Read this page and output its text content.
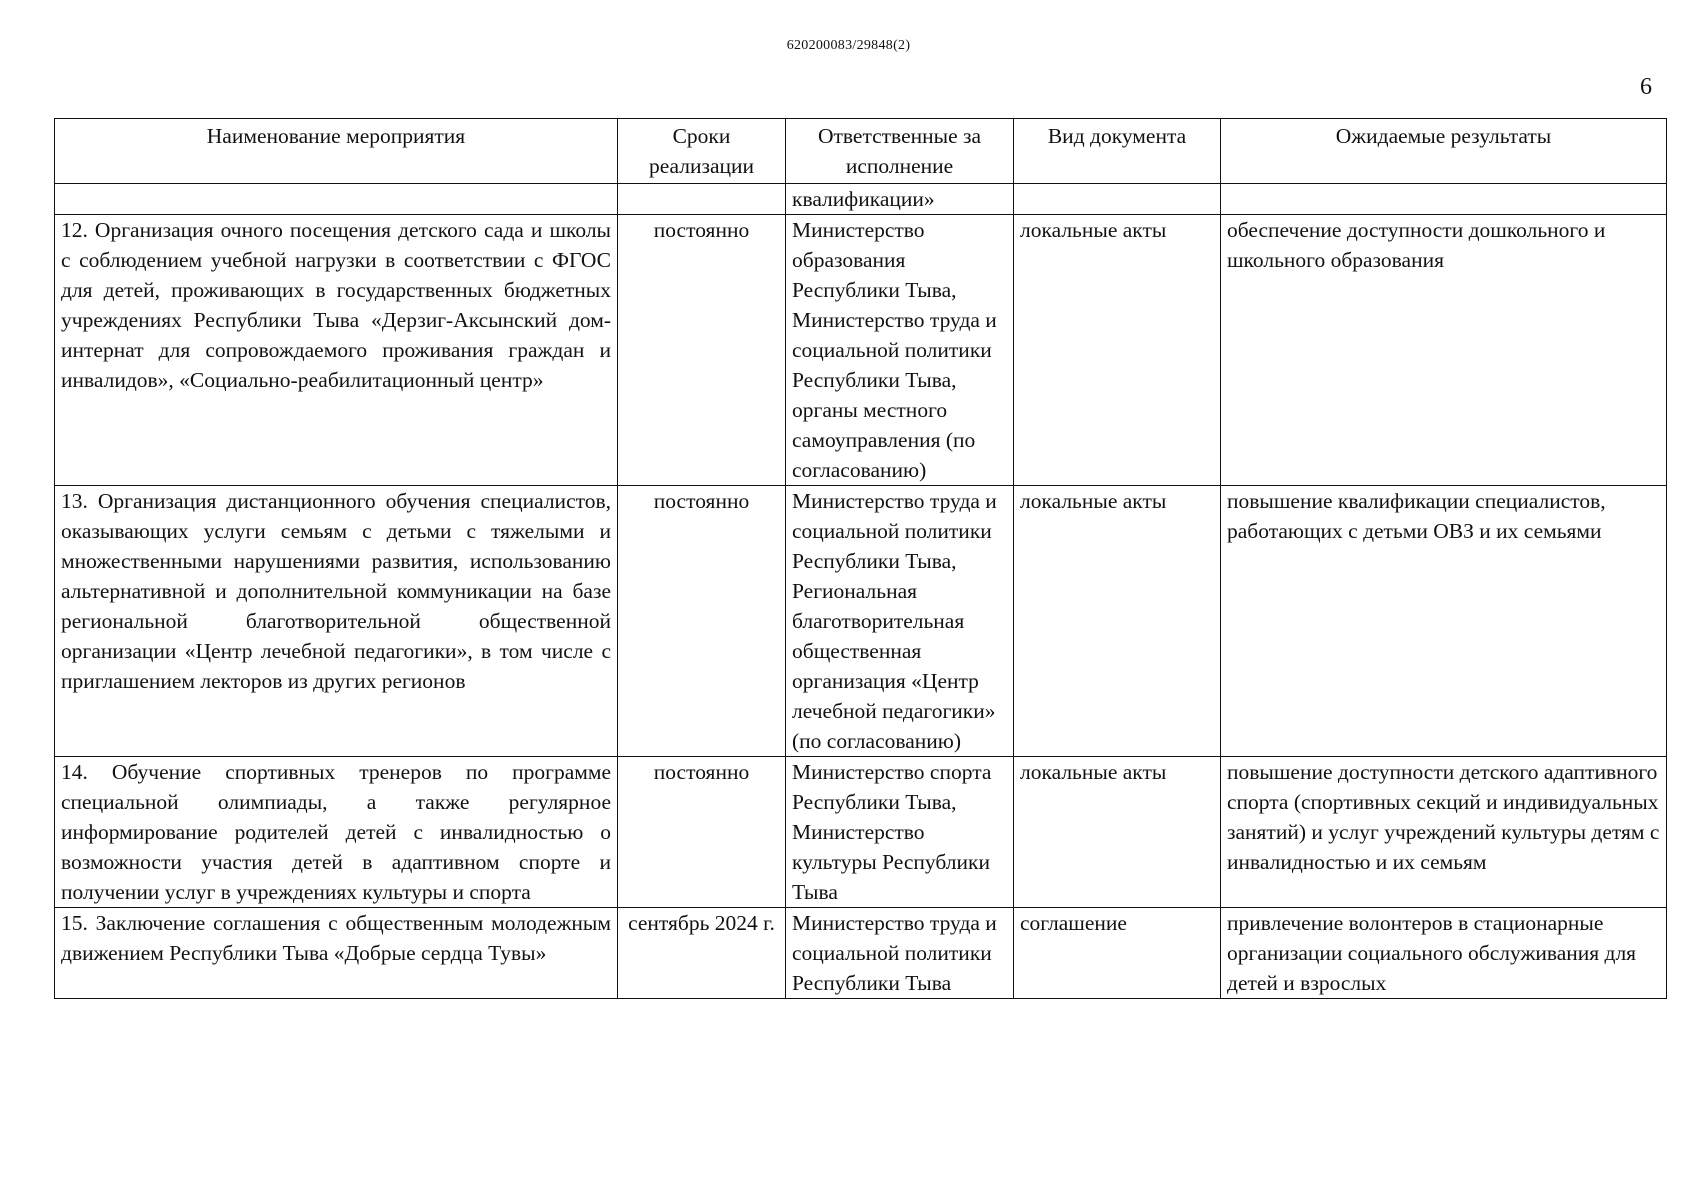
620200083/29848(2)
6
Наименование мероприятия	Сроки реализации	Ответственные за исполнение	Вид документа	Ожидаемые результаты
		квалификации»		
12. Организация очного посещения детского сада и школы с соблюдением учебной нагрузки в соответствии с ФГОС для детей, проживающих в государственных бюджетных учреждениях Республики Тыва «Дерзиг-Аксынский дом-интернат для сопровождаемого проживания граждан и инвалидов», «Социально-реабилитационный центр»	постоянно	Министерство образования Республики Тыва, Министерство труда и социальной политики Республики Тыва, органы местного самоуправления (по согласованию)	локальные акты	обеспечение доступности дошкольного и школьного образования
13. Организация дистанционного обучения специалистов, оказывающих услуги семьям с детьми с тяжелыми и множественными нарушениями развития, использованию альтернативной и дополнительной коммуникации на базе региональной благотворительной общественной организации «Центр лечебной педагогики», в том числе с приглашением лекторов из других регионов	постоянно	Министерство труда и социальной политики Республики Тыва, Региональная благотворительная общественная организация «Центр лечебной педагогики» (по согласованию)	локальные акты	повышение квалификации специалистов, работающих с детьми ОВЗ и их семьями
14. Обучение спортивных тренеров по программе специальной олимпиады, а также регулярное информирование родителей детей с инвалидностью о возможности участия детей в адаптивном спорте и получении услуг в учреждениях культуры и спорта	постоянно	Министерство спорта Республики Тыва, Министерство культуры Республики Тыва	локальные акты	повышение доступности детского адаптивного спорта (спортивных секций и индивидуальных занятий) и услуг учреждений культуры детям с инвалидностью и их семьям
15. Заключение соглашения с общественным молодежным движением Республики Тыва «Добрые сердца Тувы»	сентябрь 2024 г.	Министерство труда и социальной политики Республики Тыва	соглашение	привлечение волонтеров в стационарные организации социального обслуживания для детей и взрослых
